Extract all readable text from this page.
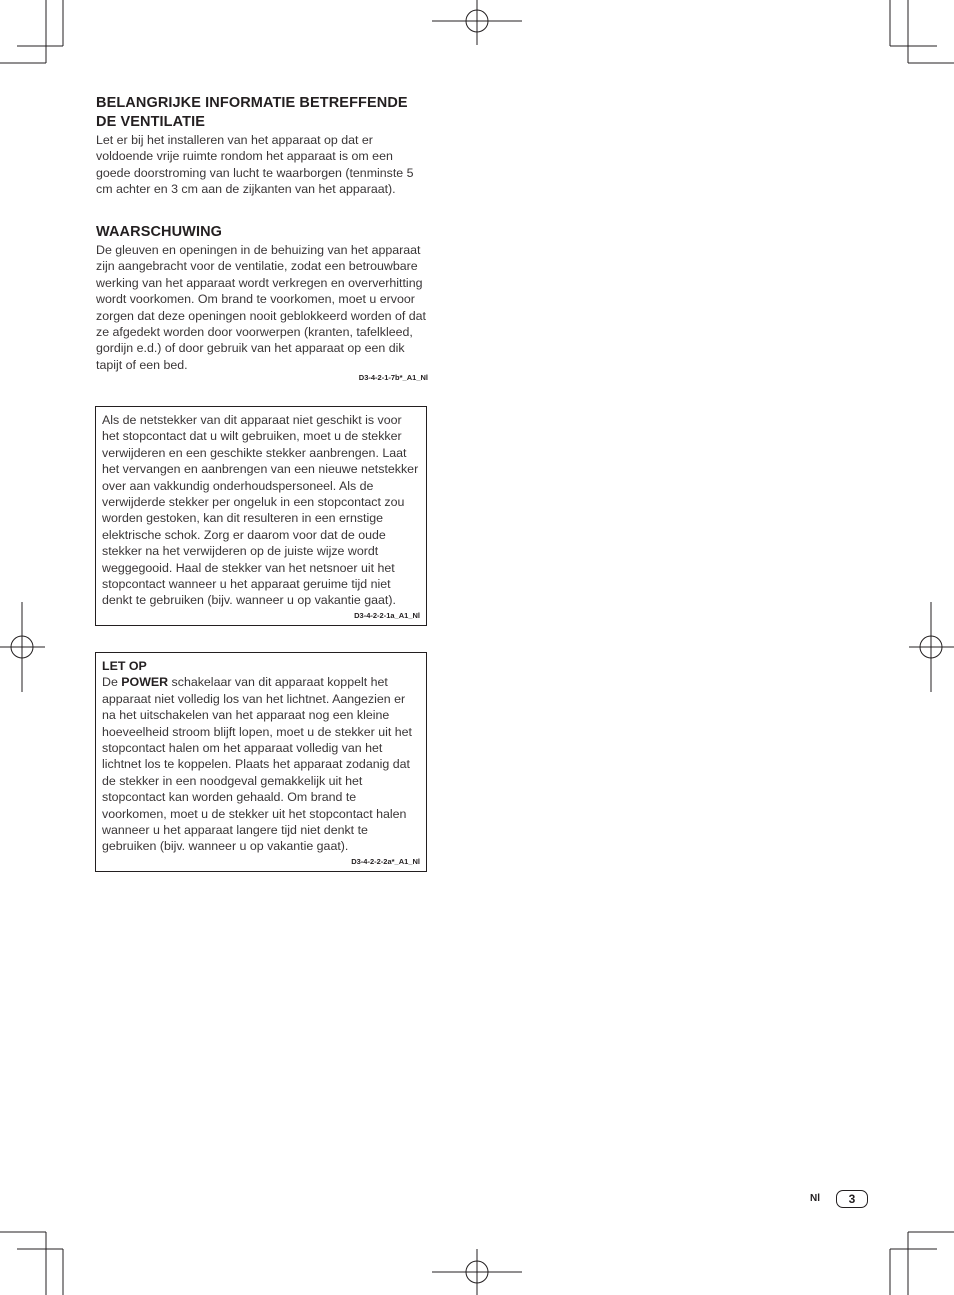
BELANGRIJKE INFORMATIE BETREFFENDE DE VENTILATIE

Let er bij het installeren van het apparaat op dat er voldoende vrije ruimte rondom het apparaat is om een goede doorstroming van lucht te waarborgen (tenminste 5 cm achter en 3 cm aan de zijkanten van het apparaat).

WAARSCHUWING

De gleuven en openingen in de behuizing van het apparaat zijn aangebracht voor de ventilatie, zodat een betrouwbare werking van het apparaat wordt verkregen en oververhitting wordt voorkomen. Om brand te voorkomen, moet u ervoor zorgen dat deze openingen nooit geblokkeerd worden of dat ze afgedekt worden door voorwerpen (kranten, tafelkleed, gordijn e.d.) of door gebruik van het apparaat op een dik tapijt of een bed.

D3-4-2-1-7b*_A1_Nl

Als de netstekker van dit apparaat niet geschikt is voor het stopcontact dat u wilt gebruiken, moet u de stekker verwijderen en een geschikte stekker aanbrengen. Laat het vervangen en aanbrengen van een nieuwe netstekker over aan vakkundig onderhoudspersoneel. Als de verwijderde stekker per ongeluk in een stopcontact zou worden gestoken, kan dit resulteren in een ernstige elektrische schok. Zorg er daarom voor dat de oude stekker na het verwijderen op de juiste wijze wordt weggegooid. Haal de stekker van het netsnoer uit het stopcontact wanneer u het apparaat geruime tijd niet denkt te gebruiken (bijv. wanneer u op vakantie gaat).

D3-4-2-2-1a_A1_Nl

LET OP
De POWER schakelaar van dit apparaat koppelt het apparaat niet volledig los van het lichtnet. Aangezien er na het uitschakelen van het apparaat nog een kleine hoeveelheid stroom blijft lopen, moet u de stekker uit het stopcontact halen om het apparaat volledig van het lichtnet los te koppelen. Plaats het apparaat zodanig dat de stekker in een noodgeval gemakkelijk uit het stopcontact kan worden gehaald. Om brand te voorkomen, moet u de stekker uit het stopcontact halen wanneer u het apparaat langere tijd niet denkt te gebruiken (bijv. wanneer u op vakantie gaat).

D3-4-2-2-2a*_A1_Nl
Nl	3
